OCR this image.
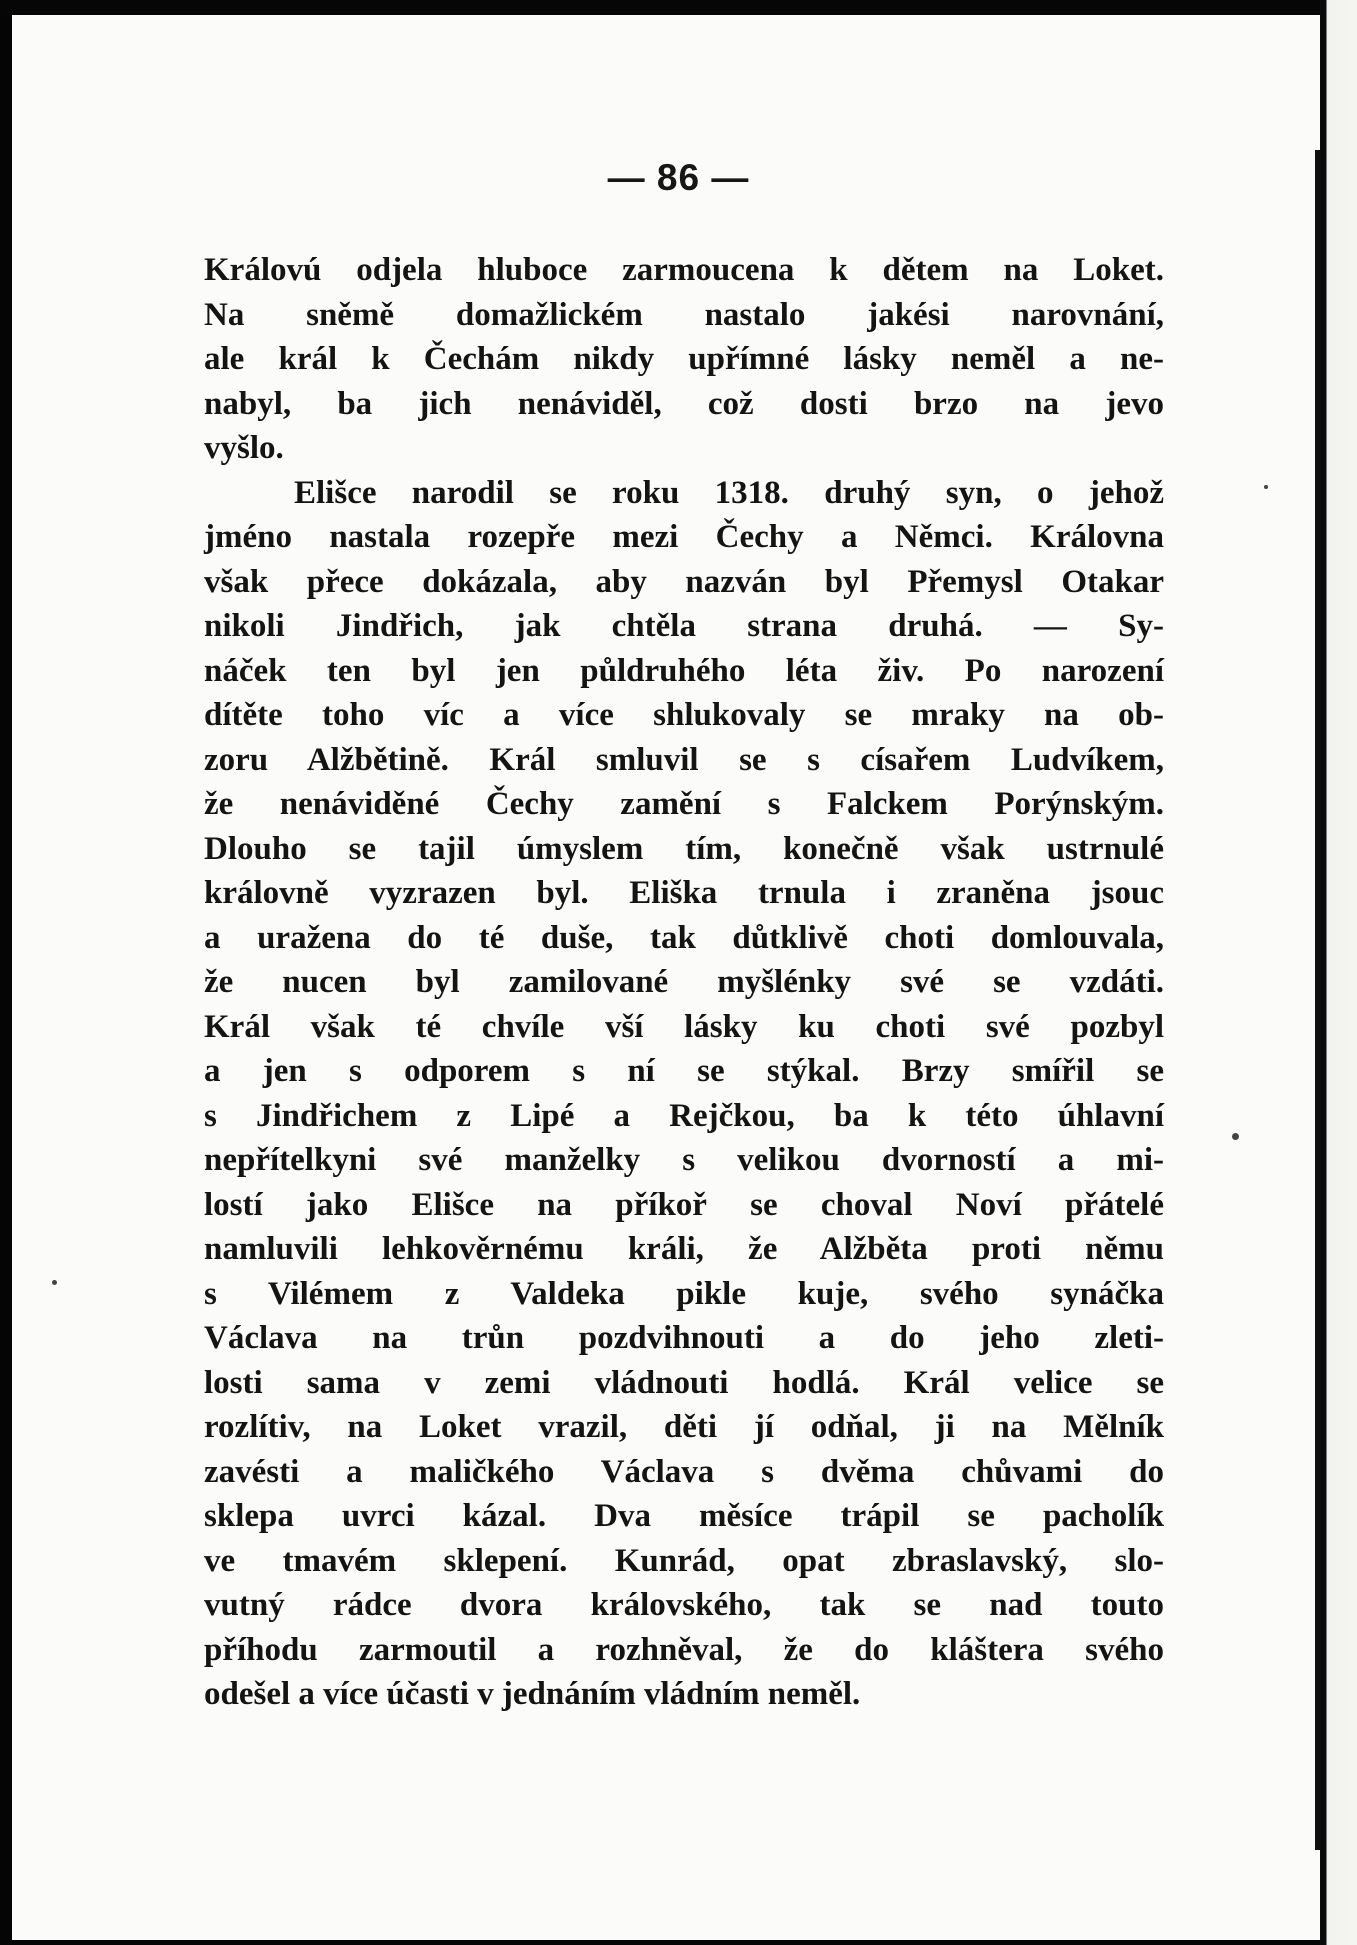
— 86 —
Královú odjela hluboce zarmoucena k dětem na Loket.
Na sněmě domažlickém nastalo jakési narovnání,
ale král k Čechám nikdy upřímné lásky neměl a ne-
nabyl, ba jich nenáviděl, což dosti brzo na jevo
vyšlo.
Elišce narodil se roku 1318. druhý syn, o jehož
jméno nastala rozepře mezi Čechy a Němci. Královna
však přece dokázala, aby nazván byl Přemysl Otakar
nikoli Jindřich, jak chtěla strana druhá. — Sy-
náček ten byl jen půldruhého léta živ. Po narození
dítěte toho víc a více shlukovaly se mraky na ob-
zoru Alžbětině. Král smluvil se s císařem Ludvíkem,
že nenáviděné Čechy zamění s Falckem Porýnským.
Dlouho se tajil úmyslem tím, konečně však ustrnulé
královně vyzrazen byl. Eliška trnula i zraněna jsouc
a uražena do té duše, tak důtklivě choti domlouvala,
že nucen byl zamilované myšlénky své se vzdáti.
Král však té chvíle vší lásky ku choti své pozbyl
a jen s odporem s ní se stýkal. Brzy smířil se
s Jindřichem z Lipé a Rejčkou, ba k této úhlavní
nepřítelkyni své manželky s velikou dvorností a mi-
lostí jako Elišce na příkoř se choval Noví přátelé
namluvili lehkověrnému králi, že Alžběta proti němu
s Vilémem z Valdeka pikle kuje, svého synáčka
Václava na trůn pozdvihnouti a do jeho zleti-
losti sama v zemi vládnouti hodlá. Král velice se
rozlítiv, na Loket vrazil, děti jí odňal, ji na Mělník
zavésti a maličkého Václava s dvěma chůvami do
sklepa uvrci kázal. Dva měsíce trápil se pacholík
ve tmavém sklepení. Kunrád, opat zbraslavský, slo-
vutný rádce dvora královského, tak se nad touto
příhodu zarmoutil a rozhněval, že do kláštera svého
odešel a více účasti v jednáním vládním neměl.
